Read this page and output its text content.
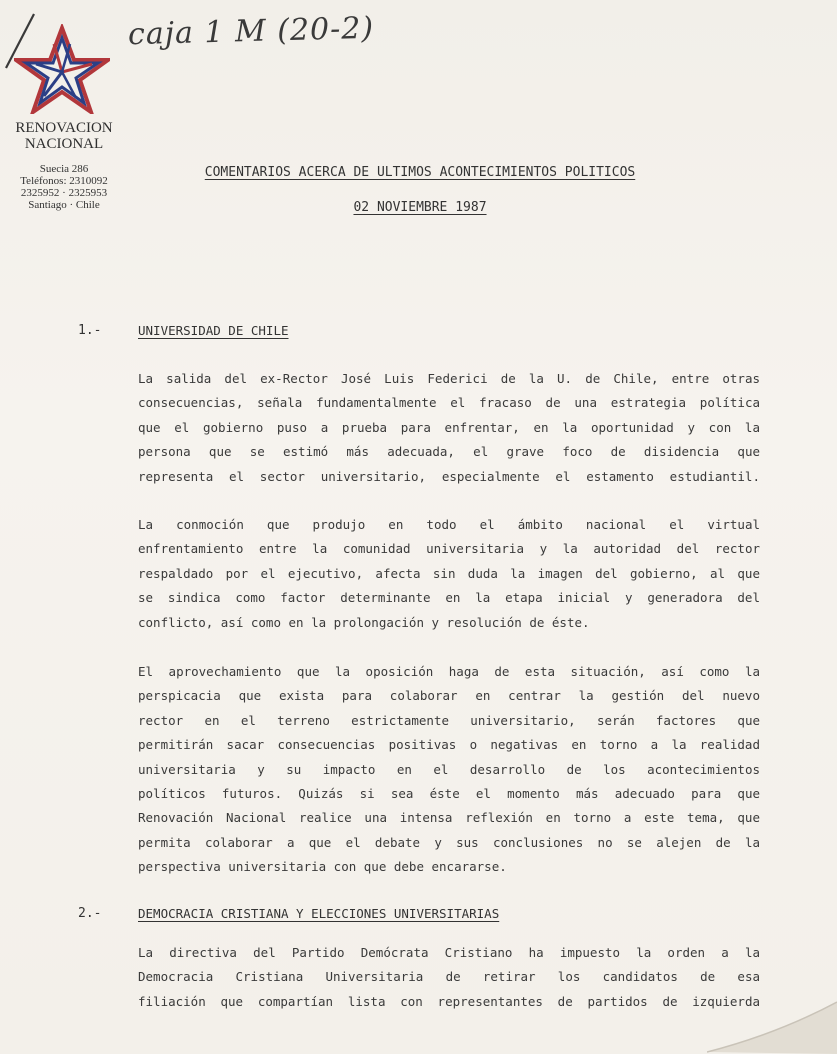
caja 1 M (20-2)
RENOVACION
NACIONAL
Suecia 286
Teléfonos: 2310092
2325952 · 2325953
Santiago · Chile
COMENTARIOS ACERCA DE ULTIMOS ACONTECIMIENTOS POLITICOS
02 NOVIEMBRE 1987
1.-	UNIVERSIDAD DE CHILE
La salida del ex-Rector José Luis Federici de la U. de Chile, entre otras
consecuencias, señala fundamentalmente el fracaso de una estrategia política
que el gobierno puso a prueba para enfrentar, en la oportunidad y con la
persona que se estimó más adecuada, el grave foco de disidencia que
representa el sector universitario, especialmente el estamento estudiantil.
La conmoción que produjo en todo el ámbito nacional el virtual
enfrentamiento entre la comunidad universitaria y la autoridad del rector
respaldado por el ejecutivo, afecta sin duda la imagen del gobierno, al que
se sindica como factor determinante en la etapa inicial y generadora del
conflicto, así como en la prolongación y resolución de éste.
El aprovechamiento que la oposición haga de esta situación, así como la
perspicacia que exista para colaborar en centrar la gestión del nuevo
rector en el terreno estrictamente universitario, serán factores que
permitirán sacar consecuencias positivas o negativas en torno a la realidad
universitaria y su impacto en el desarrollo de los acontecimientos
políticos futuros. Quizás si sea éste el momento más adecuado para que
Renovación Nacional realice una intensa reflexión en torno a este tema, que
permita colaborar a que el debate y sus conclusiones no se alejen de la
perspectiva universitaria con que debe encararse.
2.-	DEMOCRACIA CRISTIANA Y ELECCIONES UNIVERSITARIAS
La directiva del Partido Demócrata Cristiano ha impuesto la orden a la
Democracia Cristiana Universitaria de retirar los candidatos de esa
filiación que compartían lista con representantes de partidos de izquierda
